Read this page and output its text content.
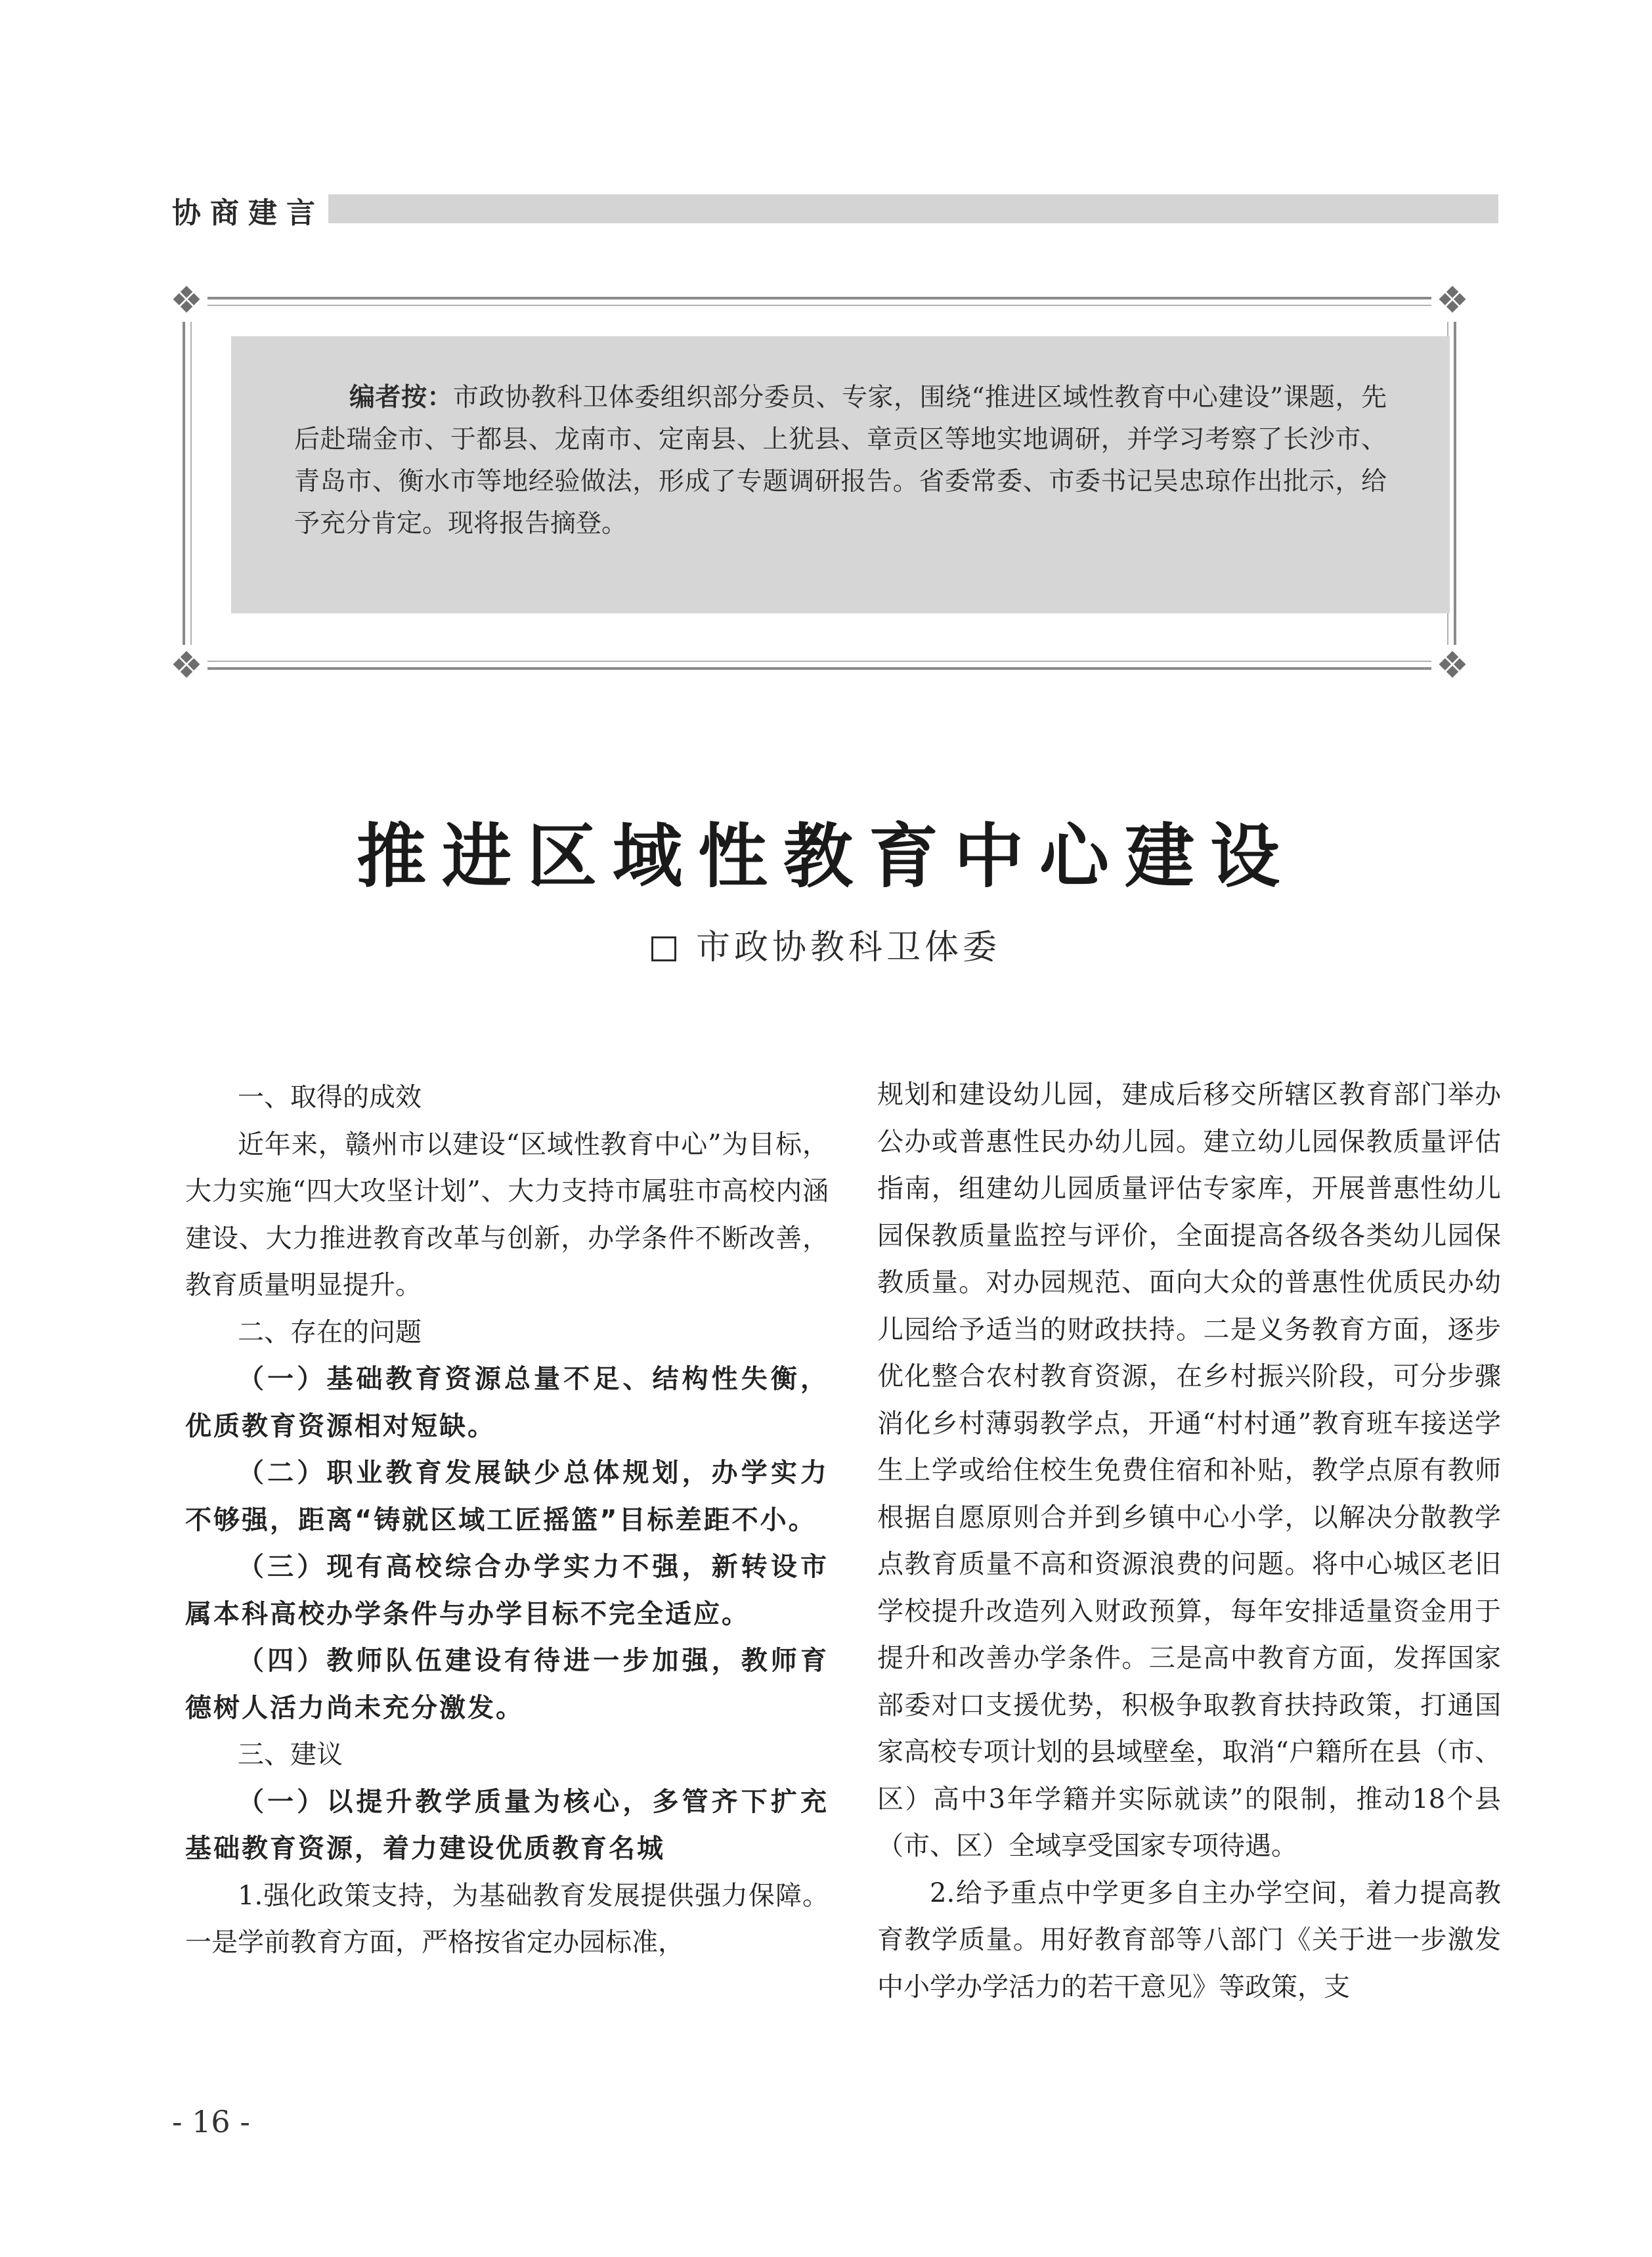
协商建言
❖	❖
❖	❖
编者按：市政协教科卫体委组织部分委员、专家，围绕“推进区域性教育中心建设”课题，先后赴瑞金市、于都县、龙南市、定南县、上犹县、章贡区等地实地调研，并学习考察了长沙市、青岛市、衡水市等地经验做法，形成了专题调研报告。省委常委、市委书记吴忠琼作出批示，给予充分肯定。现将报告摘登。
推进区域性教育中心建设
市政协教科卫体委

一、取得的成效

近年来，赣州市以建设“区域性教育中心”为目标，大力实施“四大攻坚计划”、大力支持市属驻市高校内涵建设、大力推进教育改革与创新，办学条件不断改善，教育质量明显提升。

二、存在的问题

（一）基础教育资源总量不足、结构性失衡，优质教育资源相对短缺。

（二）职业教育发展缺少总体规划，办学实力不够强，距离“铸就区域工匠摇篮”目标差距不小。

（三）现有高校综合办学实力不强，新转设市属本科高校办学条件与办学目标不完全适应。

（四）教师队伍建设有待进一步加强，教师育德树人活力尚未充分激发。

三、建议

（一）以提升教学质量为核心，多管齐下扩充基础教育资源，着力建设优质教育名城

1.强化政策支持，为基础教育发展提供强力保障。一是学前教育方面，严格按省定办园标准，

规划和建设幼儿园，建成后移交所辖区教育部门举办公办或普惠性民办幼儿园。建立幼儿园保教质量评估指南，组建幼儿园质量评估专家库，开展普惠性幼儿园保教质量监控与评价，全面提高各级各类幼儿园保教质量。对办园规范、面向大众的普惠性优质民办幼儿园给予适当的财政扶持。二是义务教育方面，逐步优化整合农村教育资源，在乡村振兴阶段，可分步骤消化乡村薄弱教学点，开通“村村通”教育班车接送学生上学或给住校生免费住宿和补贴，教学点原有教师根据自愿原则合并到乡镇中心小学，以解决分散教学点教育质量不高和资源浪费的问题。将中心城区老旧学校提升改造列入财政预算，每年安排适量资金用于提升和改善办学条件。三是高中教育方面，发挥国家部委对口支援优势，积极争取教育扶持政策，打通国家高校专项计划的县域壁垒，取消“户籍所在县（市、区）高中3年学籍并实际就读”的限制，推动18个县（市、区）全域享受国家专项待遇。

2.给予重点中学更多自主办学空间，着力提高教育教学质量。用好教育部等八部门《关于进一步激发中小学办学活力的若干意见》等政策，支

- 16 -
